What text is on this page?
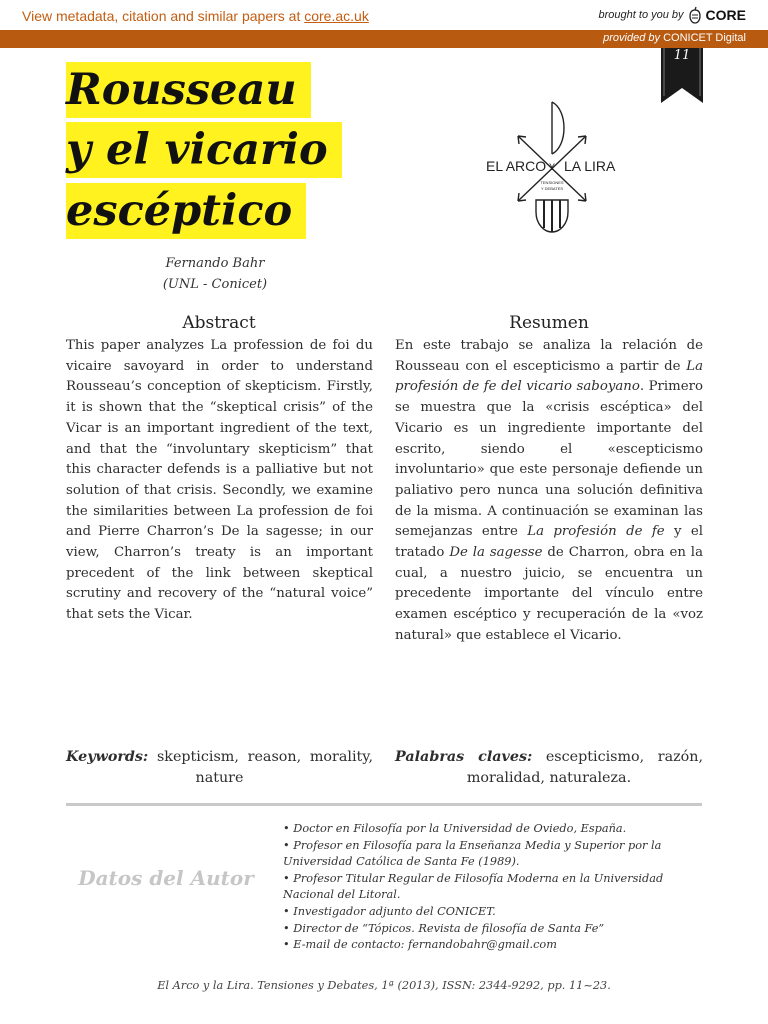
View metadata, citation and similar papers at core.ac.uk	brought to you by CORE
provided by CONICET Digital
11
Rousseau
y el vicario
escéptico
Fernando Bahr
(UNL - Conicet)
EL ARCO Y LA LIRA
TENSIONES
Y DEBATES
Abstract
This paper analyzes La profession de foi du vicaire savoyard in order to understand Rousseau’s conception of skepticism. Firstly, it is shown that the “skeptical crisis” of the Vicar is an important ingredient of the text, and that the “involuntary skepticism” that this character defends is a palliative but not solution of that crisis. Secondly, we examine the similarities between La profession de foi and Pierre Charron’s De la sagesse; in our view, Charron’s treaty is an important precedent of the link between skeptical scrutiny and recovery of the “natural voice” that sets the Vicar.
Resumen
En este trabajo se analiza la relación de Rousseau con el escepticismo a partir de La profesión de fe del vicario saboyano. Primero se muestra que la «crisis escéptica» del Vicario es un ingrediente importante del escrito, siendo el «escepticismo involuntario» que este personaje defiende un paliativo pero nunca una solución definitiva de la misma. A continuación se examinan las semejanzas entre La profesión de fe y el tratado De la sagesse de Charron, obra en la cual, a nuestro juicio, se encuentra un precedente importante del vínculo entre examen escéptico y recuperación de la «voz natural» que establece el Vicario.
Keywords: skepticism, reason, morality, nature
Palabras claves: escepticismo, razón, moralidad, naturaleza.
Datos del Autor
• Doctor en Filosofía por la Universidad de Oviedo, España.
• Profesor en Filosofía para la Enseñanza Media y Superior por la Universidad Católica de Santa Fe (1989).
• Profesor Titular Regular de Filosofía Moderna en la Universidad Nacional del Litoral.
• Investigador adjunto del CONICET.
• Director de “Tópicos. Revista de filosofía de Santa Fe”
• E-mail de contacto: fernandobahr@gmail.com
El Arco y la Lira. Tensiones y Debates, 1ª (2013), ISSN: 2344-9292, pp. 11~23.
